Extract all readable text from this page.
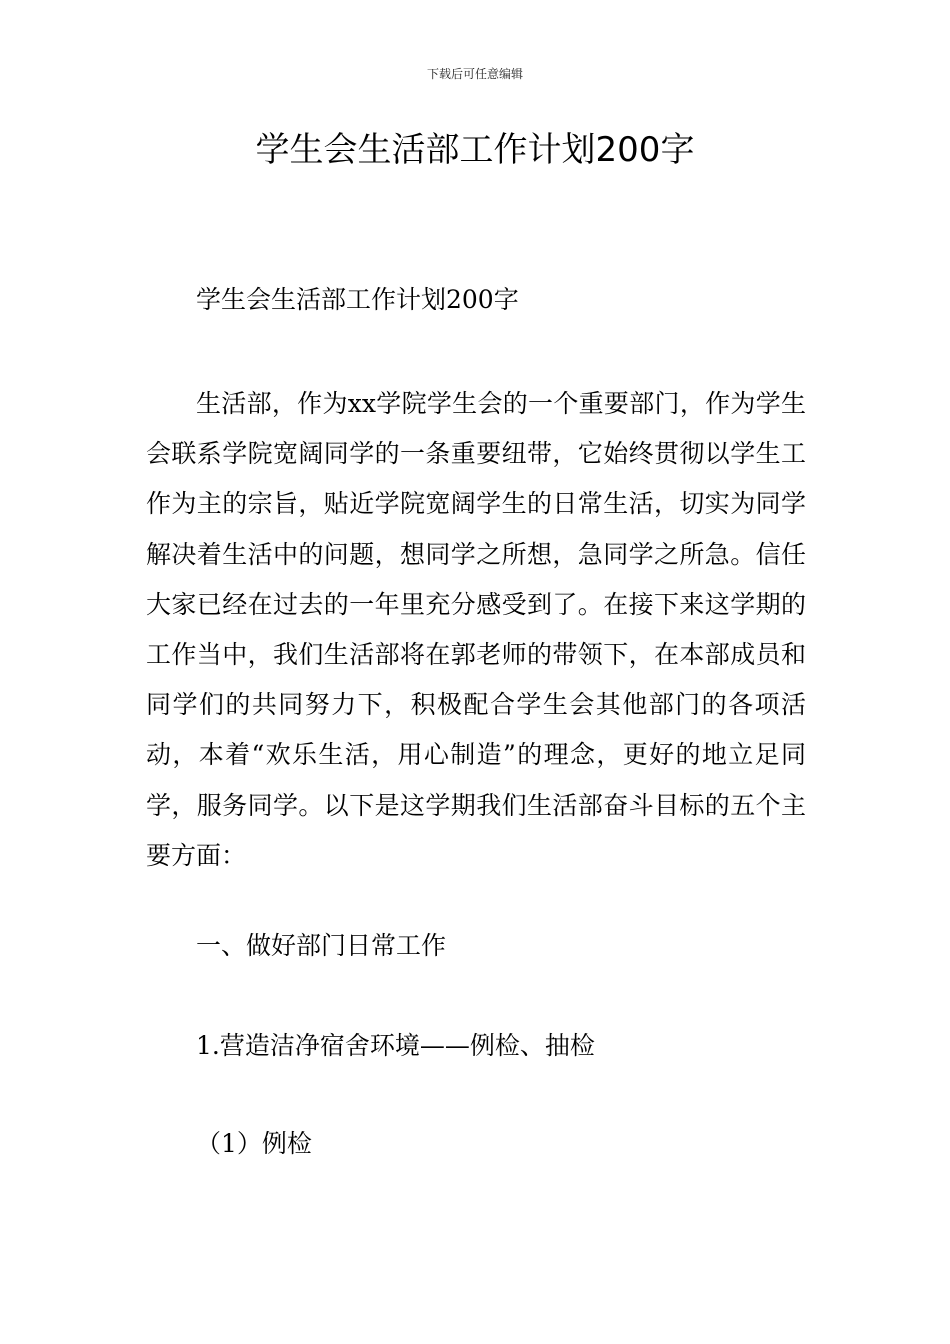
下载后可任意编辑
学生会生活部工作计划200字

学生会生活部工作计划200字

生活部，作为xx学院学生会的一个重要部门，作为学生会联系学院宽阔同学的一条重要纽带，它始终贯彻以学生工作为主的宗旨，贴近学院宽阔学生的日常生活，切实为同学解决着生活中的问题，想同学之所想，急同学之所急。信任大家已经在过去的一年里充分感受到了。在接下来这学期的工作当中，我们生活部将在郭老师的带领下，在本部成员和同学们的共同努力下，积极配合学生会其他部门的各项活动，本着“欢乐生活，用心制造”的理念，更好的地立足同学，服务同学。以下是这学期我们生活部奋斗目标的五个主要方面：

一、做好部门日常工作

1.营造洁净宿舍环境——例检、抽检

（1）例检
